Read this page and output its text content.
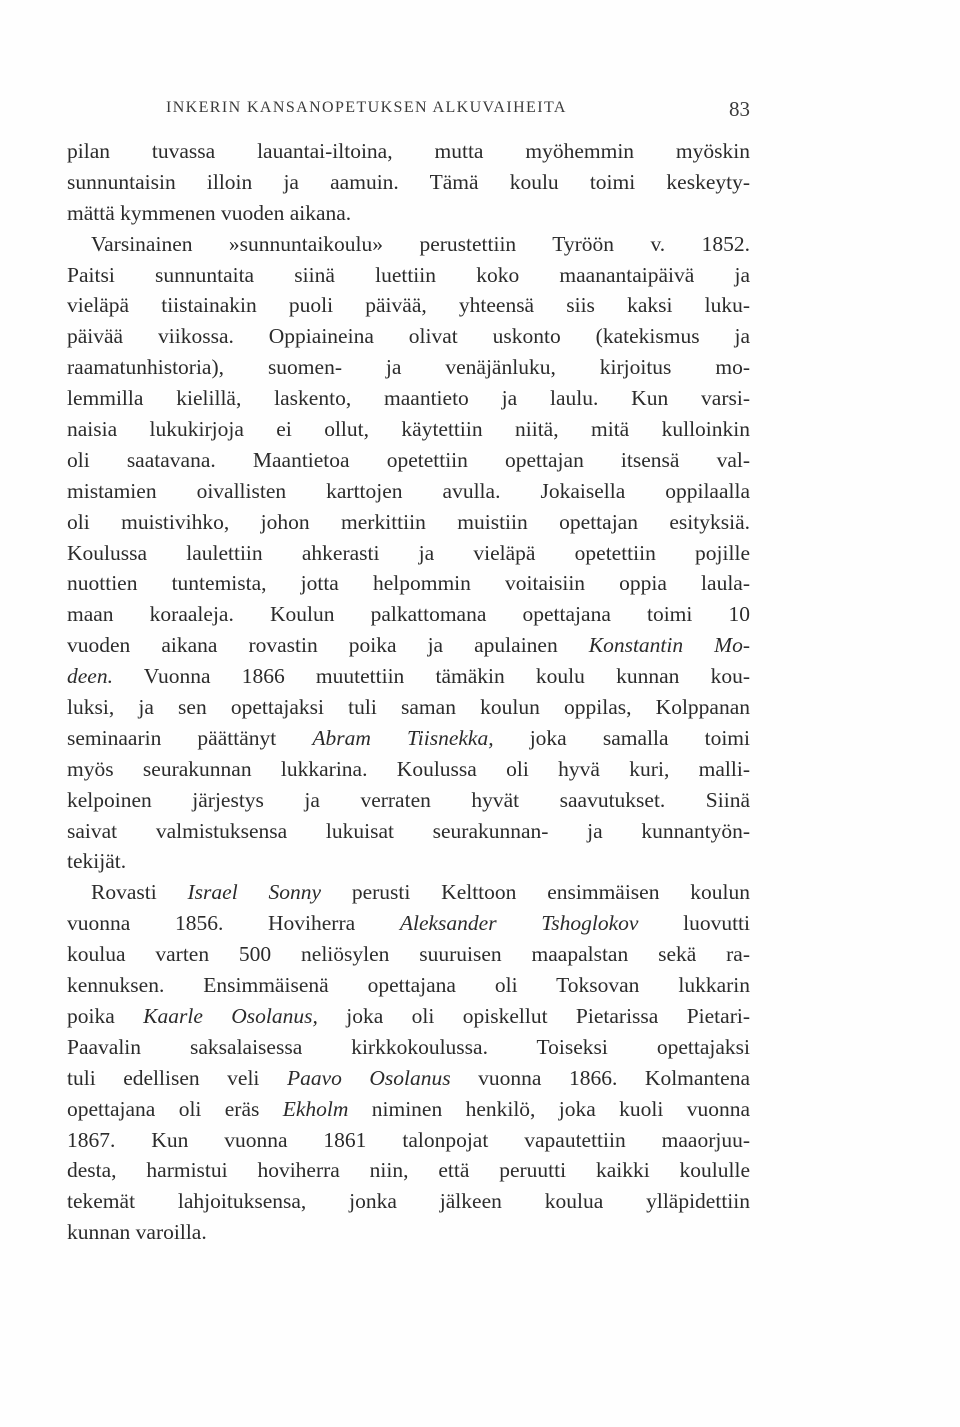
INKERIN KANSANOPETUKSEN ALKUVAIHEITA	83
pilan tuvassa lauantai-iltoina, mutta myöhemmin myöskin
sunnuntaisin illoin ja aamuin. Tämä koulu toimi keskeyty-
mättä kymmenen vuoden aikana.
Varsinainen »sunnuntaikoulu» perustettiin Tyröön v. 1852.
Paitsi sunnuntaita siinä luettiin koko maanantaipäivä ja
vieläpä tiistainakin puoli päivää, yhteensä siis kaksi luku-
päivää viikossa. Oppiaineina olivat uskonto (katekismus ja
raamatunhistoria), suomen- ja venäjänluku, kirjoitus mo-
lemmilla kielillä, laskento, maantieto ja laulu. Kun varsi-
naisia lukukirjoja ei ollut, käytettiin niitä, mitä kulloinkin
oli saatavana. Maantietoa opetettiin opettajan itsensä val-
mistamien oivallisten karttojen avulla. Jokaisella oppilaalla
oli muistivihko, johon merkittiin muistiin opettajan esityksiä.
Koulussa laulettiin ahkerasti ja vieläpä opetettiin pojille
nuottien tuntemista, jotta helpommin voitaisiin oppia laula-
maan koraaleja. Koulun palkattomana opettajana toimi 10
vuoden aikana rovastin poika ja apulainen Konstantin Mo-
deen. Vuonna 1866 muutettiin tämäkin koulu kunnan kou-
luksi, ja sen opettajaksi tuli saman koulun oppilas, Kolppanan
seminaarin päättänyt Abram Tiisnekka, joka samalla toimi
myös seurakunnan lukkarina. Koulussa oli hyvä kuri, malli-
kelpoinen järjestys ja verraten hyvät saavutukset. Siinä
saivat valmistuksensa lukuisat seurakunnan- ja kunnantyön-
tekijät.
Rovasti Israel Sonny perusti Kelttoon ensimmäisen koulun
vuonna 1856. Hoviherra Aleksander Tshoglokov luovutti
koulua varten 500 neliösylen suuruisen maapalstan sekä ra-
kennuksen. Ensimmäisenä opettajana oli Toksovan lukkarin
poika Kaarle Osolanus, joka oli opiskellut Pietarissa Pietari-
Paavalin saksalaisessa kirkkokoulussa. Toiseksi opettajaksi
tuli edellisen veli Paavo Osolanus vuonna 1866. Kolmantena
opettajana oli eräs Ekholm niminen henkilö, joka kuoli vuonna
1867. Kun vuonna 1861 talonpojat vapautettiin maaorjuu-
desta, harmistui hoviherra niin, että peruutti kaikki koululle
tekemät lahjoituksensa, jonka jälkeen koulua ylläpidettiin
kunnan varoilla.
